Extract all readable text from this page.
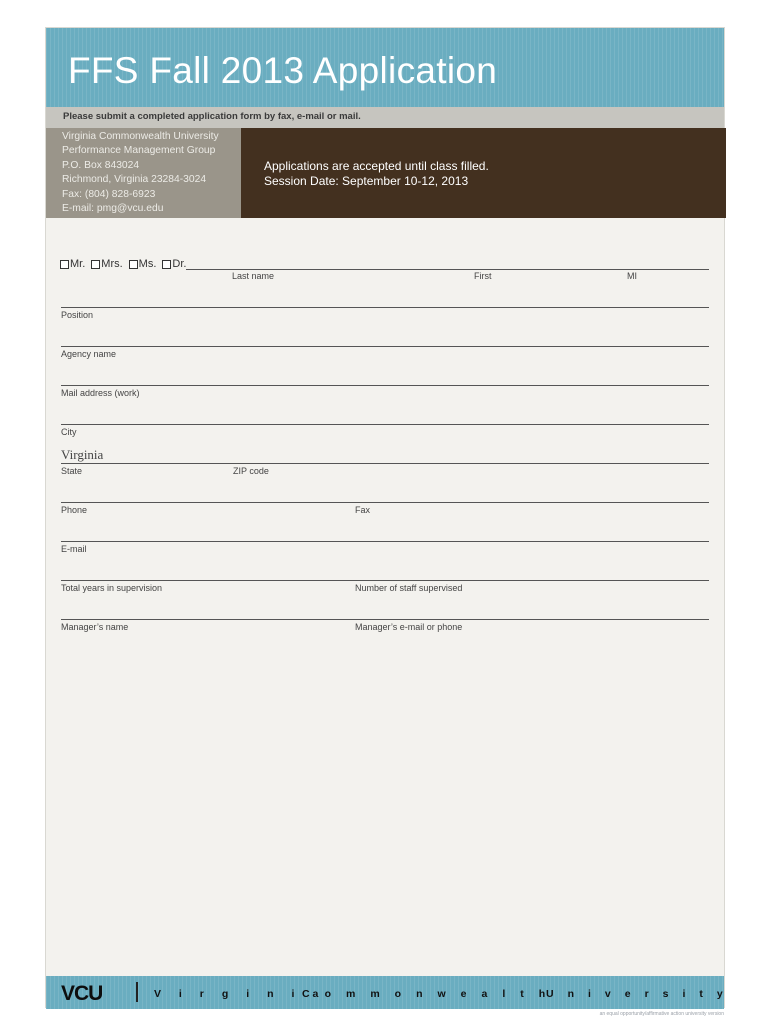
FFS Fall 2013 Application
Please submit a completed application form by fax, e-mail or mail.
Virginia Commonwealth University
Performance Management Group
P.O. Box 843024
Richmond, Virginia 23284-3024
Fax: (804) 828-6923
E-mail: pmg@vcu.edu
Applications are accepted until class filled.
Session Date: September 10-12, 2013
Mr. Mrs. Ms. Dr.
Last name	First	MI
Position
Agency name
Mail address (work)
City
Virginia
State	ZIP code
Phone	Fax
E-mail
Total years in supervision	Number of staff supervised
Manager’s name	Manager’s e-mail or phone
VCU	Virginia
Commonwealth
University
an equal opportunity/affirmative action university version
